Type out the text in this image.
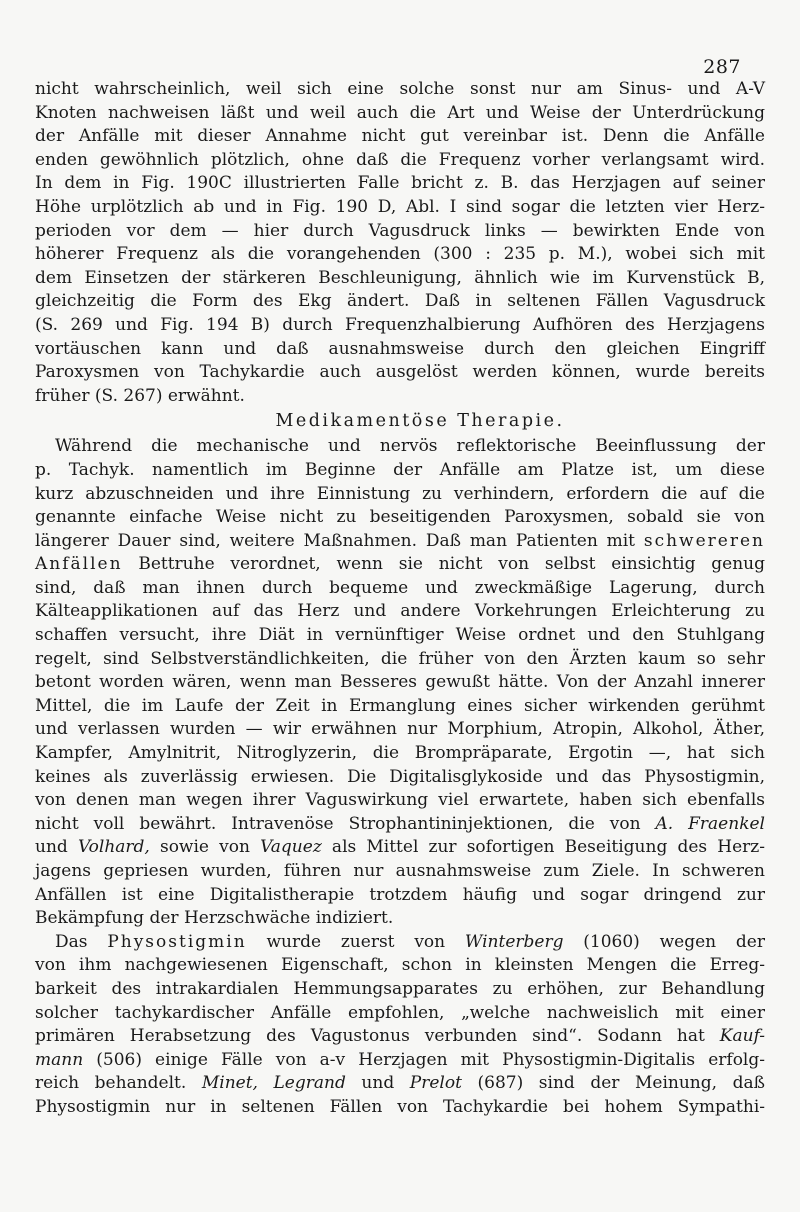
287
nicht wahrscheinlich, weil sich eine solche sonst nur am Sinus- und A-V
Knoten nachweisen läßt und weil auch die Art und Weise der Unterdrückung
der Anfälle mit dieser Annahme nicht gut vereinbar ist. Denn die Anfälle
enden gewöhnlich plötzlich, ohne daß die Frequenz vorher verlangsamt wird.
In dem in Fig. 190C illustrierten Falle bricht z. B. das Herzjagen auf seiner
Höhe urplötzlich ab und in Fig. 190 D, Abl. I sind sogar die letzten vier Herz-
perioden vor dem — hier durch Vagusdruck links — bewirkten Ende von
höherer Frequenz als die vorangehenden (300 : 235 p. M.), wobei sich mit
dem Einsetzen der stärkeren Beschleunigung, ähnlich wie im Kurvenstück B,
gleichzeitig die Form des Ekg ändert. Daß in seltenen Fällen Vagusdruck
(S. 269 und Fig. 194 B) durch Frequenzhalbierung Aufhören des Herzjagens
vortäuschen kann und daß ausnahmsweise durch den gleichen Eingriff
Paroxysmen von Tachykardie auch ausgelöst werden können, wurde bereits
früher (S. 267) erwähnt.
Medikamentöse Therapie.
Während die mechanische und nervös reflektorische Beeinflussung der
p. Tachyk. namentlich im Beginne der Anfälle am Platze ist, um diese
kurz abzuschneiden und ihre Einnistung zu verhindern, erfordern die auf die
genannte einfache Weise nicht zu beseitigenden Paroxysmen, sobald sie von
längerer Dauer sind, weitere Maßnahmen. Daß man Patienten mit schwereren
Anfällen Bettruhe verordnet, wenn sie nicht von selbst einsichtig genug
sind, daß man ihnen durch bequeme und zweckmäßige Lagerung, durch
Kälteapplikationen auf das Herz und andere Vorkehrungen Erleichterung zu
schaffen versucht, ihre Diät in vernünftiger Weise ordnet und den Stuhlgang
regelt, sind Selbstverständlichkeiten, die früher von den Ärzten kaum so sehr
betont worden wären, wenn man Besseres gewußt hätte. Von der Anzahl innerer
Mittel, die im Laufe der Zeit in Ermanglung eines sicher wirkenden gerühmt
und verlassen wurden — wir erwähnen nur Morphium, Atropin, Alkohol, Äther,
Kampfer, Amylnitrit, Nitroglyzerin, die Brompräparate, Ergotin —, hat sich
keines als zuverlässig erwiesen. Die Digitalisglykoside und das Physostigmin,
von denen man wegen ihrer Vaguswirkung viel erwartete, haben sich ebenfalls
nicht voll bewährt. Intravenöse Strophantininjektionen, die von A. Fraenkel
und Volhard, sowie von Vaquez als Mittel zur sofortigen Beseitigung des Herz-
jagens gepriesen wurden, führen nur ausnahmsweise zum Ziele. In schweren
Anfällen ist eine Digitalistherapie trotzdem häufig und sogar dringend zur
Bekämpfung der Herzschwäche indiziert.
Das Physostigmin wurde zuerst von Winterberg (1060) wegen der
von ihm nachgewiesenen Eigenschaft, schon in kleinsten Mengen die Erreg-
barkeit des intrakardialen Hemmungsapparates zu erhöhen, zur Behandlung
solcher tachykardischer Anfälle empfohlen, „welche nachweislich mit einer
primären Herabsetzung des Vagustonus verbunden sind“. Sodann hat Kauf-
mann (506) einige Fälle von a-v Herzjagen mit Physostigmin-Digitalis erfolg-
reich behandelt. Minet, Legrand und Prelot (687) sind der Meinung, daß
Physostigmin nur in seltenen Fällen von Tachykardie bei hohem Sympathi-
